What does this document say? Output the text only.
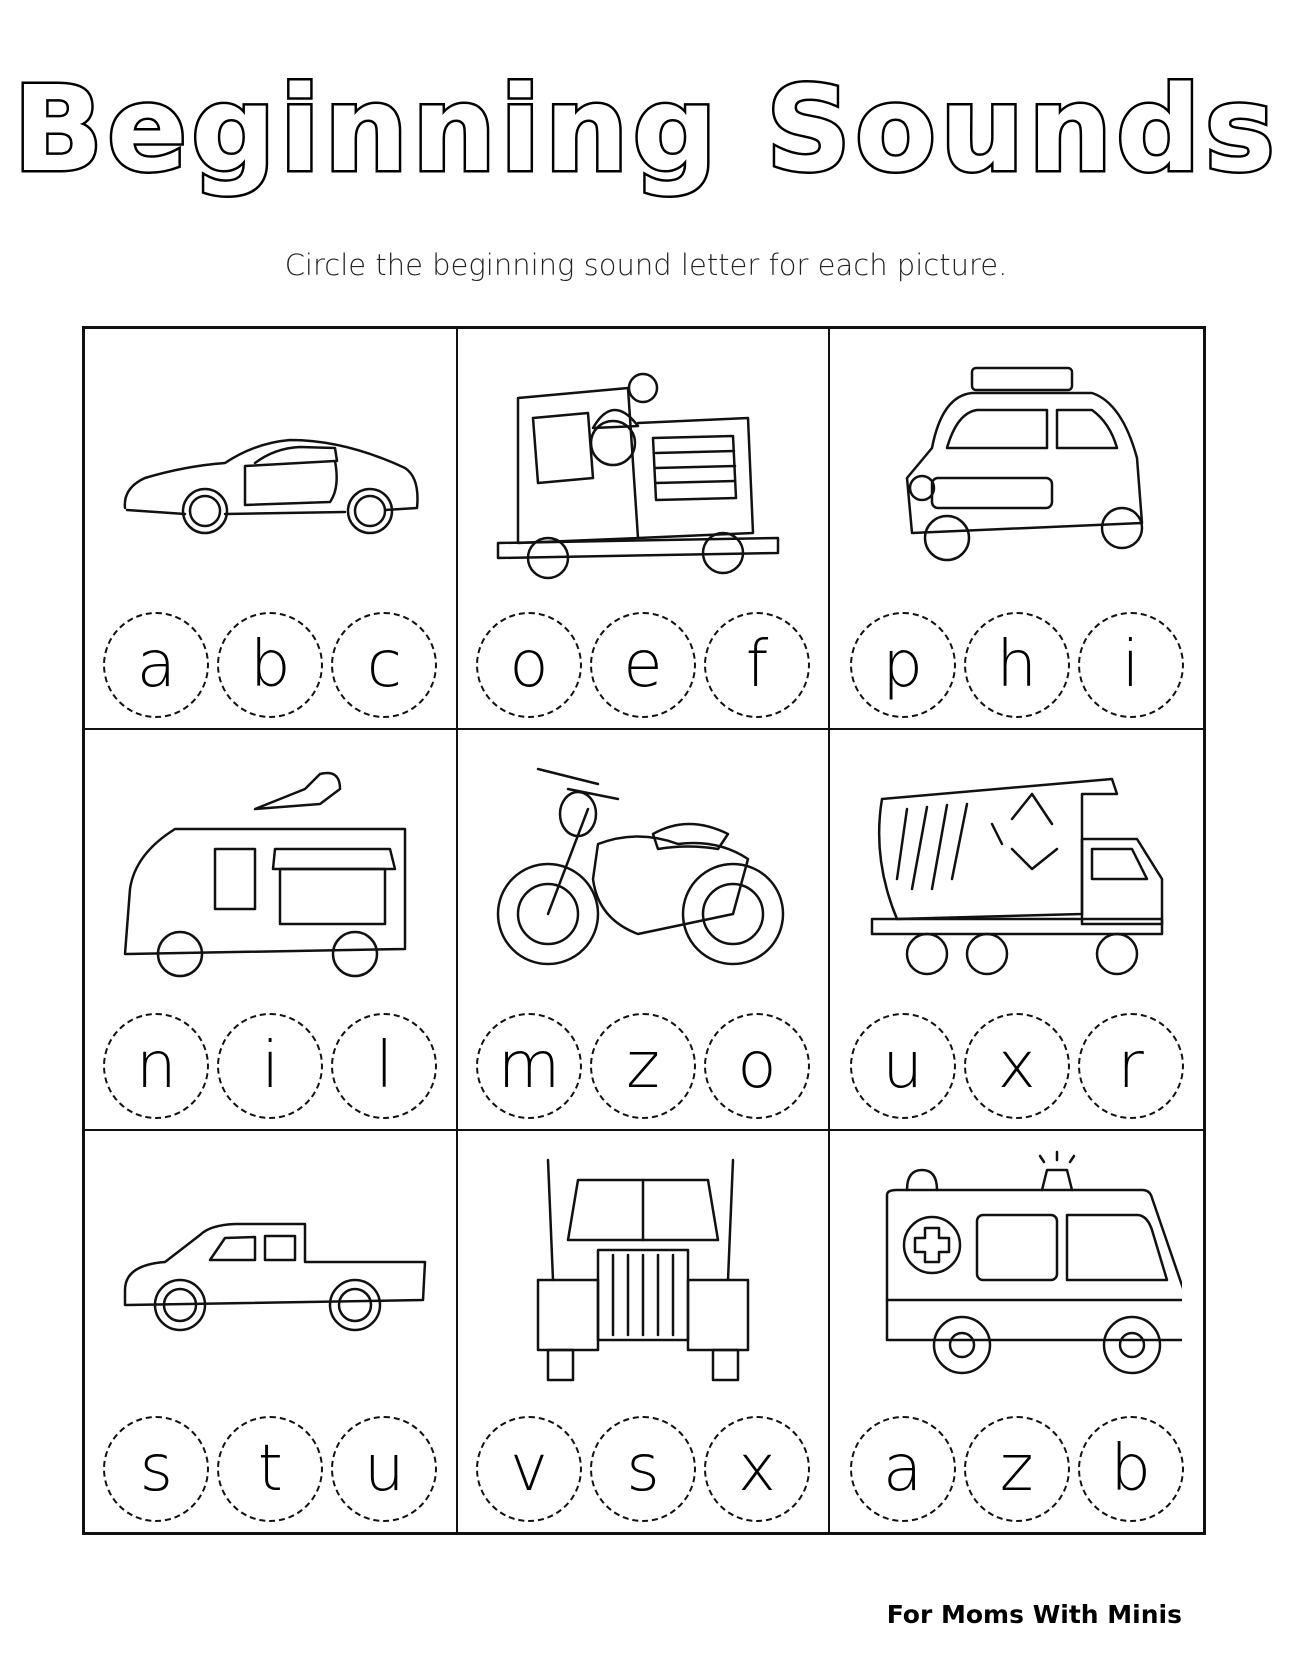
Beginning Sounds
Circle the beginning sound letter for each picture.
a	b	c	o	e	f	p	h	i
n	i	l	m	z	o	u	x	r
s	t	u	v	s	x	a	z	b
For Moms With Minis
